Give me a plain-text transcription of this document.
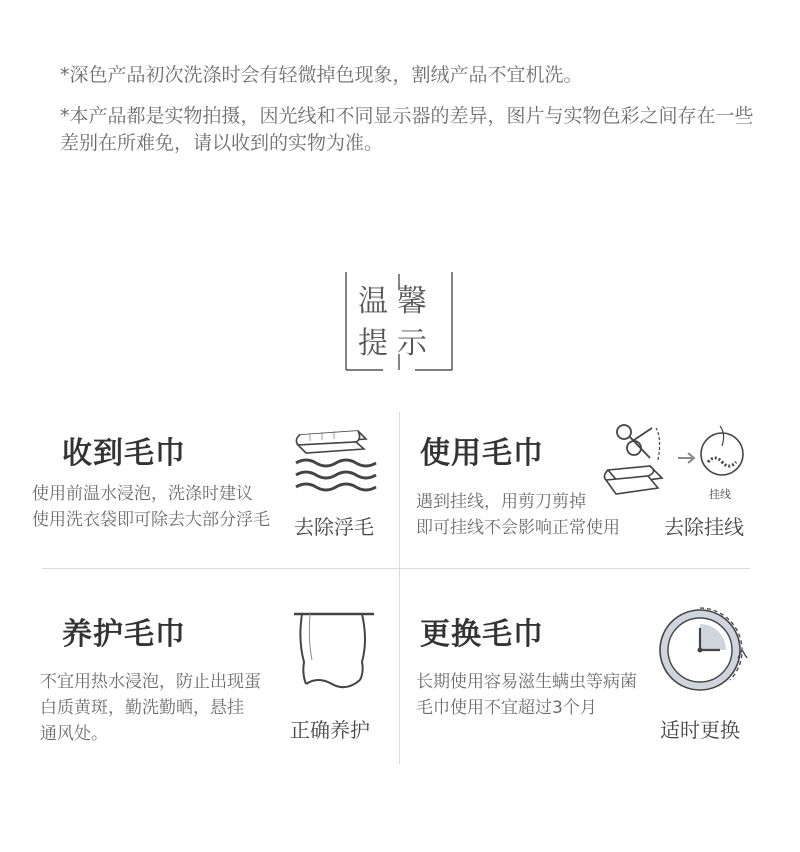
*深色产品初次洗涤时会有轻微掉色现象，割绒产品不宜机洗。

*本产品都是实物拍摄，因光线和不同显示器的差异，图片与实物色彩之间存在一些差别在所难免，请以收到的实物为准。

温馨
提示
收到毛巾
使用前温水浸泡，洗涤时建议
使用洗衣袋即可除去大部分浮毛 去除浮毛
使用毛巾
遇到挂线，用剪刀剪掉
即可挂线不会影响正常使用
挂线
去除挂线
养护毛巾
不宜用热水浸泡，防止出现蛋
白质黄斑，勤洗勤晒，悬挂
通风处。	正确养护
更换毛巾
长期使用容易滋生螨虫等病菌
毛巾使用不宜超过3个月
适时更换
